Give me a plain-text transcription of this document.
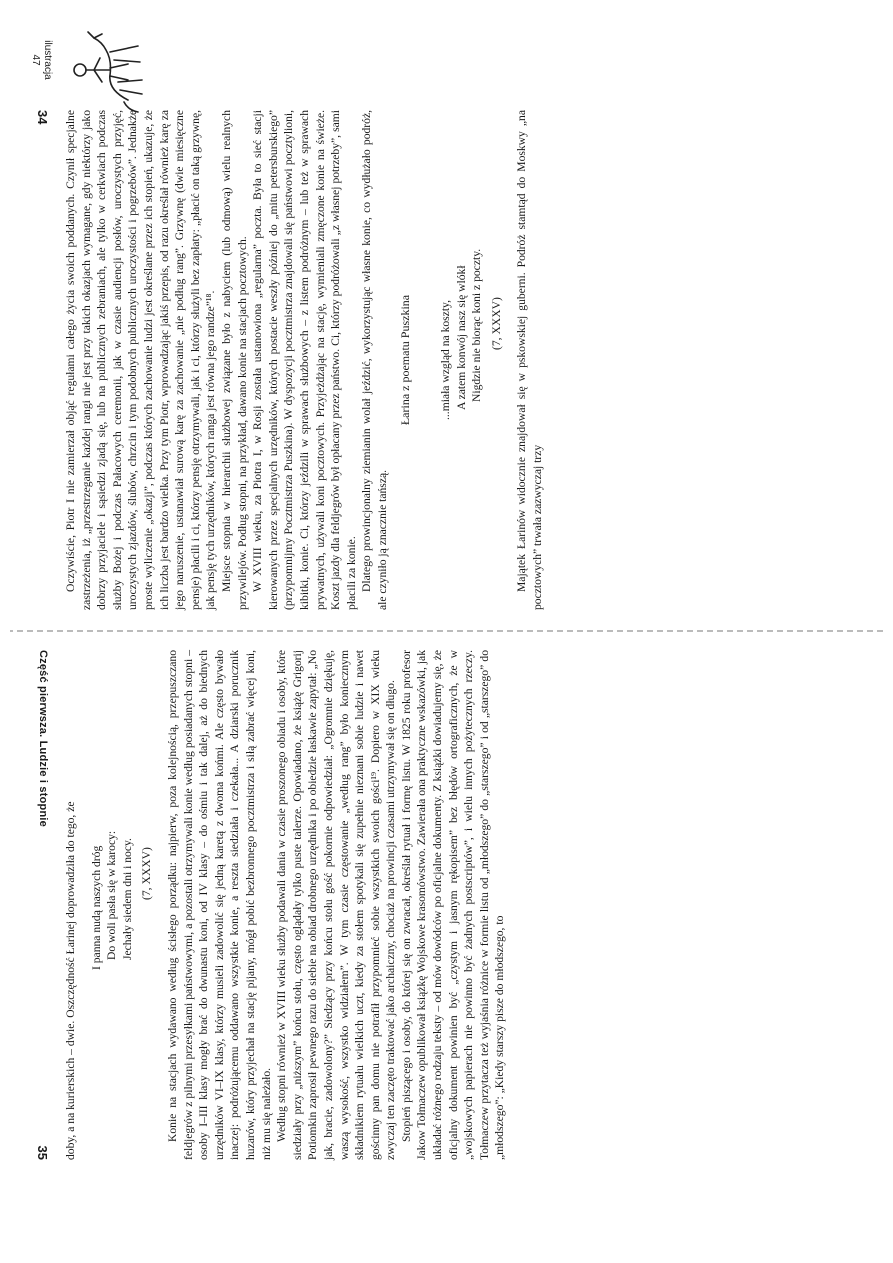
34
Część pierwsza. Ludzie i stopnie
35
ilustracja
47

Oczywiście, Piotr I nie zamierzał objąć regułami całego życia swoich poddanych. Czynił specjalne zastrzeżenia, iż „przestrzeganie każdej rangi nie jest przy takich okazjach wymagane, gdy niektórzy jako dobrzy przyjaciele i sąsiedzi zjadą się, lub na publicznych zebraniach, ale tylko w cerkwiach podczas służby Bożej i podczas Pałacowych ceremonii, jak w czasie audiencji posłów, uroczystych przyjęć, uroczystych zjazdów, ślubów, chrzcin i tym podobnych publicznych uroczystości i pogrzebów”. Jednakże proste wyliczenie „okazji”, podczas których zachowanie ludzi jest określane przez ich stopień, ukazuje, że ich liczba jest bardzo wielka. Przy tym Piotr, wprowadzając jakiś przepis, od razu określał również karę za jego naruszenie, ustanawiał surową karę za zachowanie „nie podług rang”. Grzywnę (dwie miesięczne pensje) płacili i ci, którzy pensję otrzymywali, jak i ci, którzy służyli bez zapłaty: „płacić on taką grzywnę, jak pensję tych urzędników, których ranga jest równa jego randze”¹⁸. Miejsce stopnia w hierarchii służbowej związane było z nabyciem (lub odmową) wielu realnych przywilejów. Podług stopni, na przykład, dawano konie na stacjach pocztowych. W XVIII wieku, za Piotra I, w Rosji została ustanowiona „regularna” poczta. Była to sieć stacji kierowanych przez specjalnych urzędników, których postacie weszły później do „mitu petersburskiego” (przypomnijmy Pocztmistrza Puszkina). W dyspozycji pocztmistrza znajdowali się państwowi pocztylioni, kibitki, konie. Ci, którzy jeździli w sprawach służbowych – z listem podróżnym – lub też w sprawach prywatnych, używali koni pocztowych. Przyjeżdżając na stację, wymieniali zmęczone konie na świeże. Koszt jazdy dla feldjegrów był opłacany przez państwo. Ci, którzy podróżowali „z własnej potrzeby”, sami płacili za konie. Dlatego prowincjonalny ziemianin wolał jeździć, wykorzystując własne konie, co wydłużało podróż, ale czyniło ją znacznie tańszą.

Łarina z poematu Puszkina ...miała wzgląd na koszty, A zatem konwój nasz się wlókł Nigdzie nie biorąc koni z poczty. (7, XXXV) Majątek Łarinów widocznie znajdował się w pskowskiej guberni. Podróż stamtąd do Moskwy „na pocztowych” trwała zazwyczaj trzy

doby, a na kurierskich – dwie. Oszczędność Łarinej doprowadziła do tego, że I panna nudą naszych dróg Do woli pasła się w karocy: Jechały siedem dni i nocy. (7, XXXV) Konie na stacjach wydawano według ścisłego porządku: najpierw, poza kolejnością, przepuszczano feldjegrów z pilnymi przesyłkami państwowymi, a pozostali otrzymywali konie według posiadanych stopni – osoby I–III klasy mogły brać do dwunastu koni, od IV klasy – do ośmiu i tak dalej, aż do biednych urzędników VI–IX klasy, którzy musieli zadowolić się jedną karetą z dwoma końmi. Ale często bywało inaczej: podróżującemu oddawano wszystkie konie, a reszta siedziała i czekała... A dziarski porucznik huzarów, który przyjechał na stację pijany, mógł pobić bezbronnego pocztmistrza i siłą zabrać więcej koni, niż mu się należało. Według stopni również w XVIII wieku służby podawali dania w czasie proszonego obiadu i osoby, które siedziały przy „niższym” końcu stołu, często oglądały tylko puste talerze. Opowiadano, że książę Grigorij Potiomkin zaprosił pewnego razu do siebie na obiad drobnego urzędnika i po obiedzie łaskawie zapytał: „No jak, bracie, zadowolony?” Siedzący przy końcu stołu gość pokornie odpowiedział: „Ogromnie dziękuję, waszą wysokość, wszystko widziałem”. W tym czasie częstowanie „według rang” było koniecznym składnikiem rytuału wielkich uczt, kiedy za stołem spotykali się zupełnie nieznani sobie ludzie i nawet gościnny pan domu nie potrafił przypomnieć sobie wszystkich swoich gości¹⁹. Dopiero w XIX wieku zwyczaj ten zaczęto traktować jako archaiczny, chociaż na prowincji czasami utrzymywał się on długo. Stopień piszącego i osoby, do której się on zwracał, określał rytuał i formę listu. W 1825 roku profesor Jakow Tołmaczew opublikował książkę Wojskowe krasomówstwo. Zawierała ona praktyczne wskazówki, jak układać różnego rodzaju teksty – od mów dowódców po oficjalne dokumenty. Z książki dowiadujemy się, że oficjalny dokument powinien być „czystym i jasnym rękopisem” bez błędów ortograficznych, że w „wojskowych papierach nie powinno być żadnych postscriptów”, i wielu innych pożytecznych rzeczy. Tołmaczew przytacza też wyjaśnia różnice w formie listu od „młodszego” do „starszego” i od „starszego” do „młodszego”: „Kiedy starszy pisze do młodszego, to
